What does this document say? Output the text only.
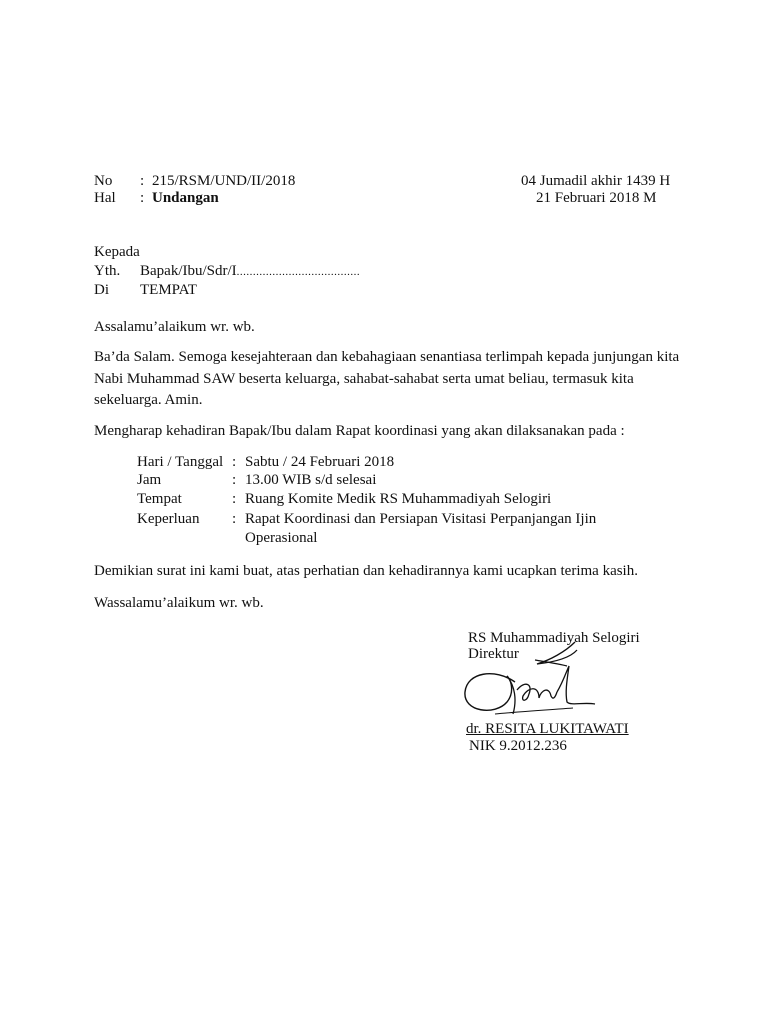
No : 215/RSM/UND/II/2018	04 Jumadil akhir 1439 H
Hal : Undangan	21 Februari 2018 M
Kepada
Yth. Bapak/Ibu/Sdr/I......................................
Di TEMPAT
Assalamu’alaikum wr. wb.
Ba’da Salam. Semoga kesejahteraan dan kebahagiaan senantiasa terlimpah kepada junjungan kita Nabi Muhammad SAW beserta keluarga, sahabat-sahabat serta umat beliau, termasuk kita sekeluarga. Amin.
Mengharap kehadiran Bapak/Ibu dalam Rapat koordinasi yang akan dilaksanakan pada :
Hari / Tanggal : Sabtu / 24 Februari 2018
Jam	: 13.00 WIB s/d selesai
Tempat	: Ruang Komite Medik RS Muhammadiyah Selogiri
Keperluan : Rapat Koordinasi dan Persiapan Visitasi Perpanjangan Ijin
Operasional
Demikian surat ini kami buat, atas perhatian dan kehadirannya kami ucapkan terima kasih.
Wassalamu’alaikum wr. wb.
RS Muhammadiyah Selogiri
Direktur
dr. RESITA LUKITAWATI
NIK 9.2012.236
